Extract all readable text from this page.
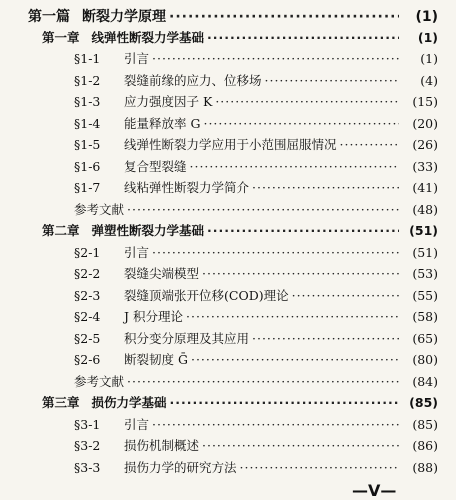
第一篇 断裂力学原理 ·····	(1)
第一章 线弹性断裂力学基础 ·····	(1)
§1-1	引言 ·····	(1)
§1-2	裂缝前缘的应力、位移场 ·····	(4)
§1-3	应力强度因子 K ·····	(15)
§1-4	能量释放率 G ·····	(20)
§1-5	线弹性断裂力学应用于小范围屈服情况 ·····	(26)
§1-6	复合型裂缝 ·····	(33)
§1-7	线粘弹性断裂力学简介 ·····	(41)
参考文献 ·····	(48)
第二章 弹塑性断裂力学基础 ·····	(51)
§2-1	引言 ·····	(51)
§2-2	裂缝尖端模型 ·····	(53)
§2-3	裂缝顶端张开位移(COD)理论 ·····	(55)
§2-4	J 积分理论 ·····	(58)
§2-5	积分变分原理及其应用 ·····	(65)
§2-6	断裂韧度 Ḡ ·····	(80)
参考文献 ·····	(84)
第三章 损伤力学基础 ·····	(85)
§3-1	引言 ·····	(85)
§3-2	损伤机制概述 ·····	(86)
§3-3	损伤力学的研究方法 ·····	(88)
—V—
